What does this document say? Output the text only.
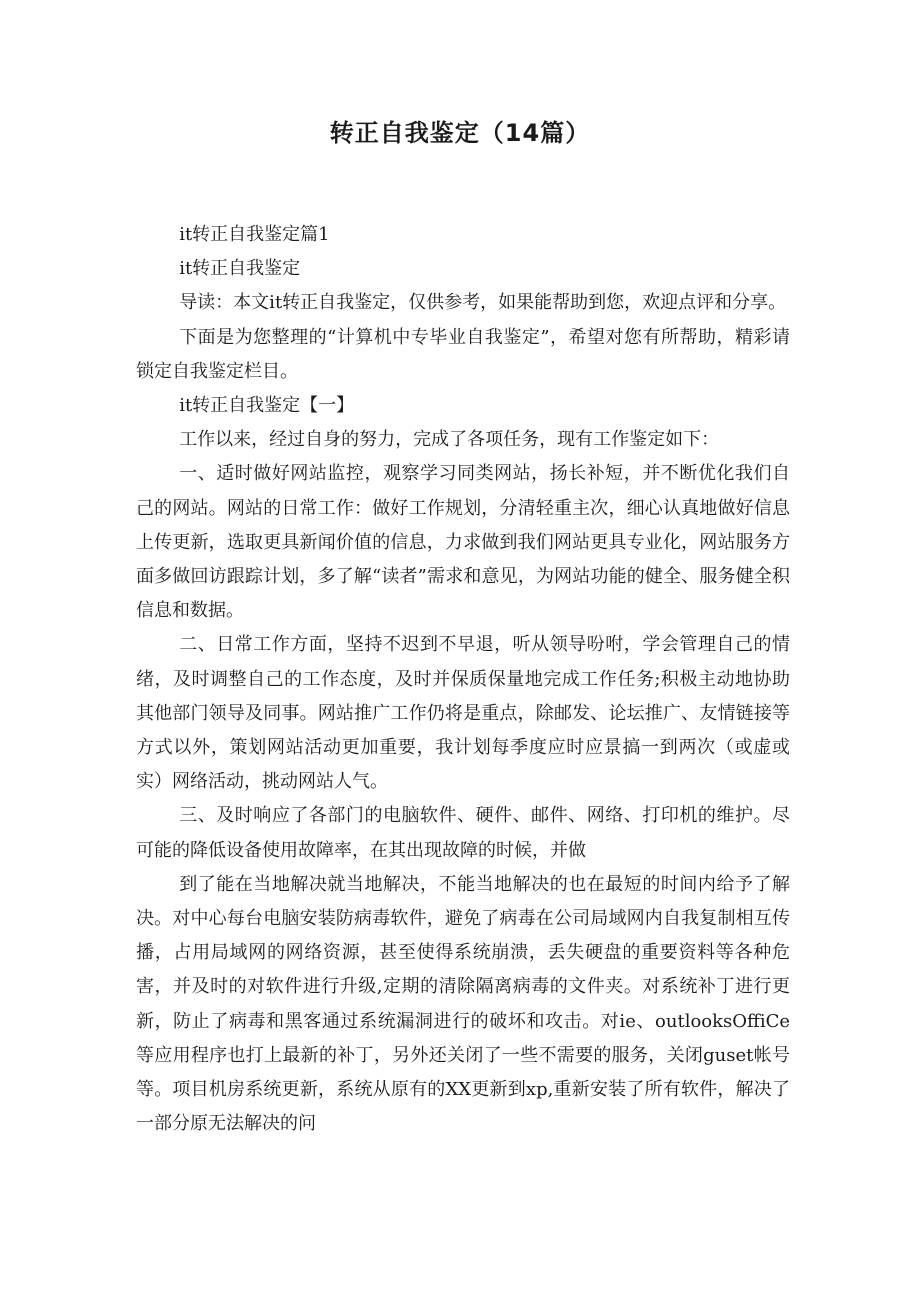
转正自我鉴定（14篇）

it转正自我鉴定篇1

it转正自我鉴定

导读：本文it转正自我鉴定，仅供参考，如果能帮助到您，欢迎点评和分享。

下面是为您整理的“计算机中专毕业自我鉴定”，希望对您有所帮助，精彩请锁定自我鉴定栏目。

it转正自我鉴定【一】

工作以来，经过自身的努力，完成了各项任务，现有工作鉴定如下：

一、适时做好网站监控，观察学习同类网站，扬长补短，并不断优化我们自己的网站。网站的日常工作：做好工作规划，分清轻重主次，细心认真地做好信息上传更新，选取更具新闻价值的信息，力求做到我们网站更具专业化，网站服务方面多做回访跟踪计划，多了解“读者”需求和意见，为网站功能的健全、服务健全积信息和数据。

二、日常工作方面，坚持不迟到不早退，听从领导吩咐，学会管理自己的情绪，及时调整自己的工作态度，及时并保质保量地完成工作任务;积极主动地协助其他部门领导及同事。网站推广工作仍将是重点，除邮发、论坛推广、友情链接等方式以外，策划网站活动更加重要，我计划每季度应时应景搞一到两次（或虚或实）网络活动，挑动网站人气。

三、及时响应了各部门的电脑软件、硬件、邮件、网络、打印机的维护。尽可能的降低设备使用故障率，在其出现故障的时候，并做

到了能在当地解决就当地解决，不能当地解决的也在最短的时间内给予了解决。对中心每台电脑安装防病毒软件，避免了病毒在公司局域网内自我复制相互传播，占用局域网的网络资源，甚至使得系统崩溃，丢失硬盘的重要资料等各种危害，并及时的对软件进行升级,定期的清除隔离病毒的文件夹。对系统补丁进行更新，防止了病毒和黑客通过系统漏洞进行的破坏和攻击。对ie、outlooksOffiCe等应用程序也打上最新的补丁，另外还关闭了一些不需要的服务，关闭guset帐号等。项目机房系统更新，系统从原有的XX更新到xp,重新安装了所有软件，解决了一部分原无法解决的问
